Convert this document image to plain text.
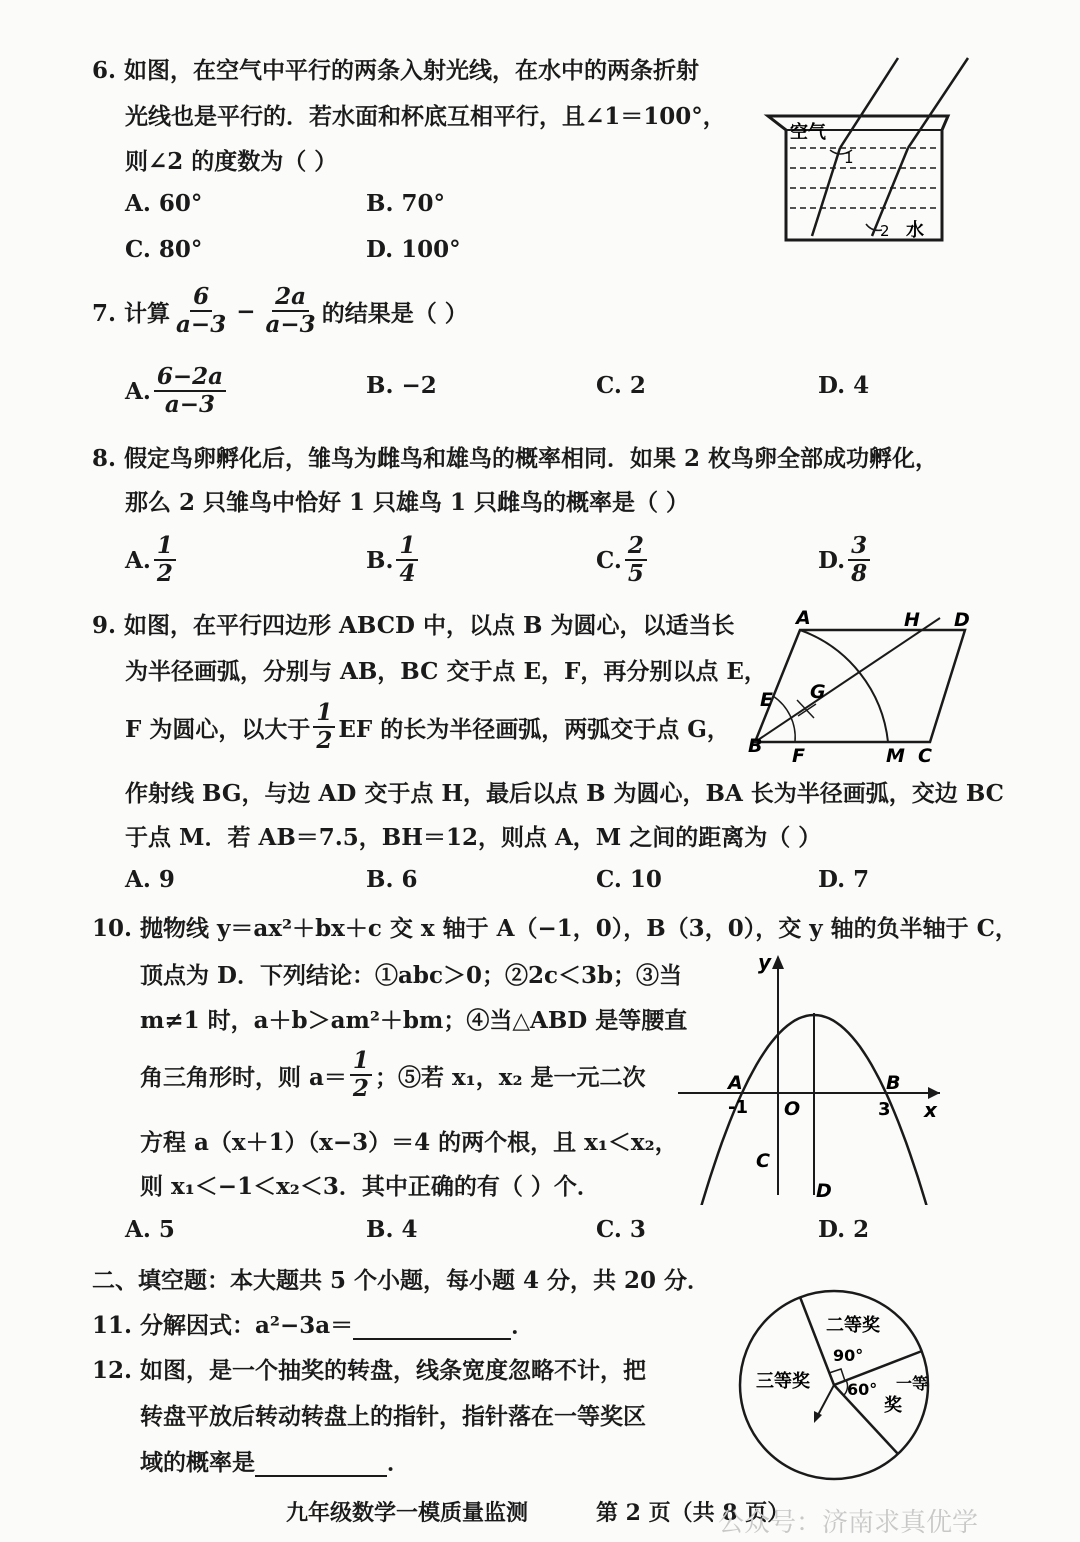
6. 如图，在空气中平行的两条入射光线，在水中的两条折射
光线也是平行的．若水面和杯底互相平行，且∠1＝100°，
则∠2 的度数为（ ）
A. 60°	B. 70°
C. 80°	D. 100°
空气
1
2 水
7. 计算 $\frac{6}{a-3} - \frac{2a}{a-3}$ 的结果是（ ）
A. $\frac{6-2a}{a-3}$	B. −2	C. 2	D. 4
8. 假定鸟卵孵化后，雏鸟为雌鸟和雄鸟的概率相同．如果 2 枚鸟卵全部成功孵化，
那么 2 只雏鸟中恰好 1 只雄鸟 1 只雌鸟的概率是（ ）
A. $\frac{1}{2}$	B. $\frac{1}{4}$	C. $\frac{2}{5}$	D. $\frac{3}{8}$
9. 如图，在平行四边形 ABCD 中，以点 B 为圆心，以适当长
为半径画弧，分别与 AB，BC 交于点 E，F，再分别以点 E，
F 为圆心，以大于 $\frac{1}{2}$ EF 的长为半径画弧，两弧交于点 G，
作射线 BG，与边 AD 交于点 H，最后以点 B 为圆心，BA 长为半径画弧，交边 BC
于点 M．若 AB＝7.5，BH＝12，则点 A，M 之间的距离为（ ）
A. 9	B. 6	C. 10	D. 7
A	H D
E G
B F	M C
10. 抛物线 y＝ax²＋bx＋c 交 x 轴于 A（−1，0），B（3，0），交 y 轴的负半轴于 C，
顶点为 D．下列结论：①abc＞0；②2c＜3b；③当
m≠1 时，a＋b＞am²＋bm；④当△ABD 是等腰直
角三角形时，则 $a= \frac{1}{2}$ ；⑤若 x₁，x₂ 是一元二次
方程 a（x＋1）（x−3）＝4 的两个根，且 x₁＜x₂，
则 x₁＜−1＜x₂＜3．其中正确的有（ ）个．
A. 5	B. 4	C. 3	D. 2
y
x
A	B
-1 O	3
C
D
二、填空题：本大题共 5 个小题，每小题 4 分，共 20 分．
11. 分解因式：a²−3a＝	．
12. 如图，是一个抽奖的转盘，线条宽度忽略不计，把
转盘平放后转动转盘上的指针，指针落在一等奖区
域的概率是	．
二等奖
三等奖	一等
奖
90°
60°
九年级数学一模质量监测	第 2 页（共 8 页）
公众号：济南求真优学
